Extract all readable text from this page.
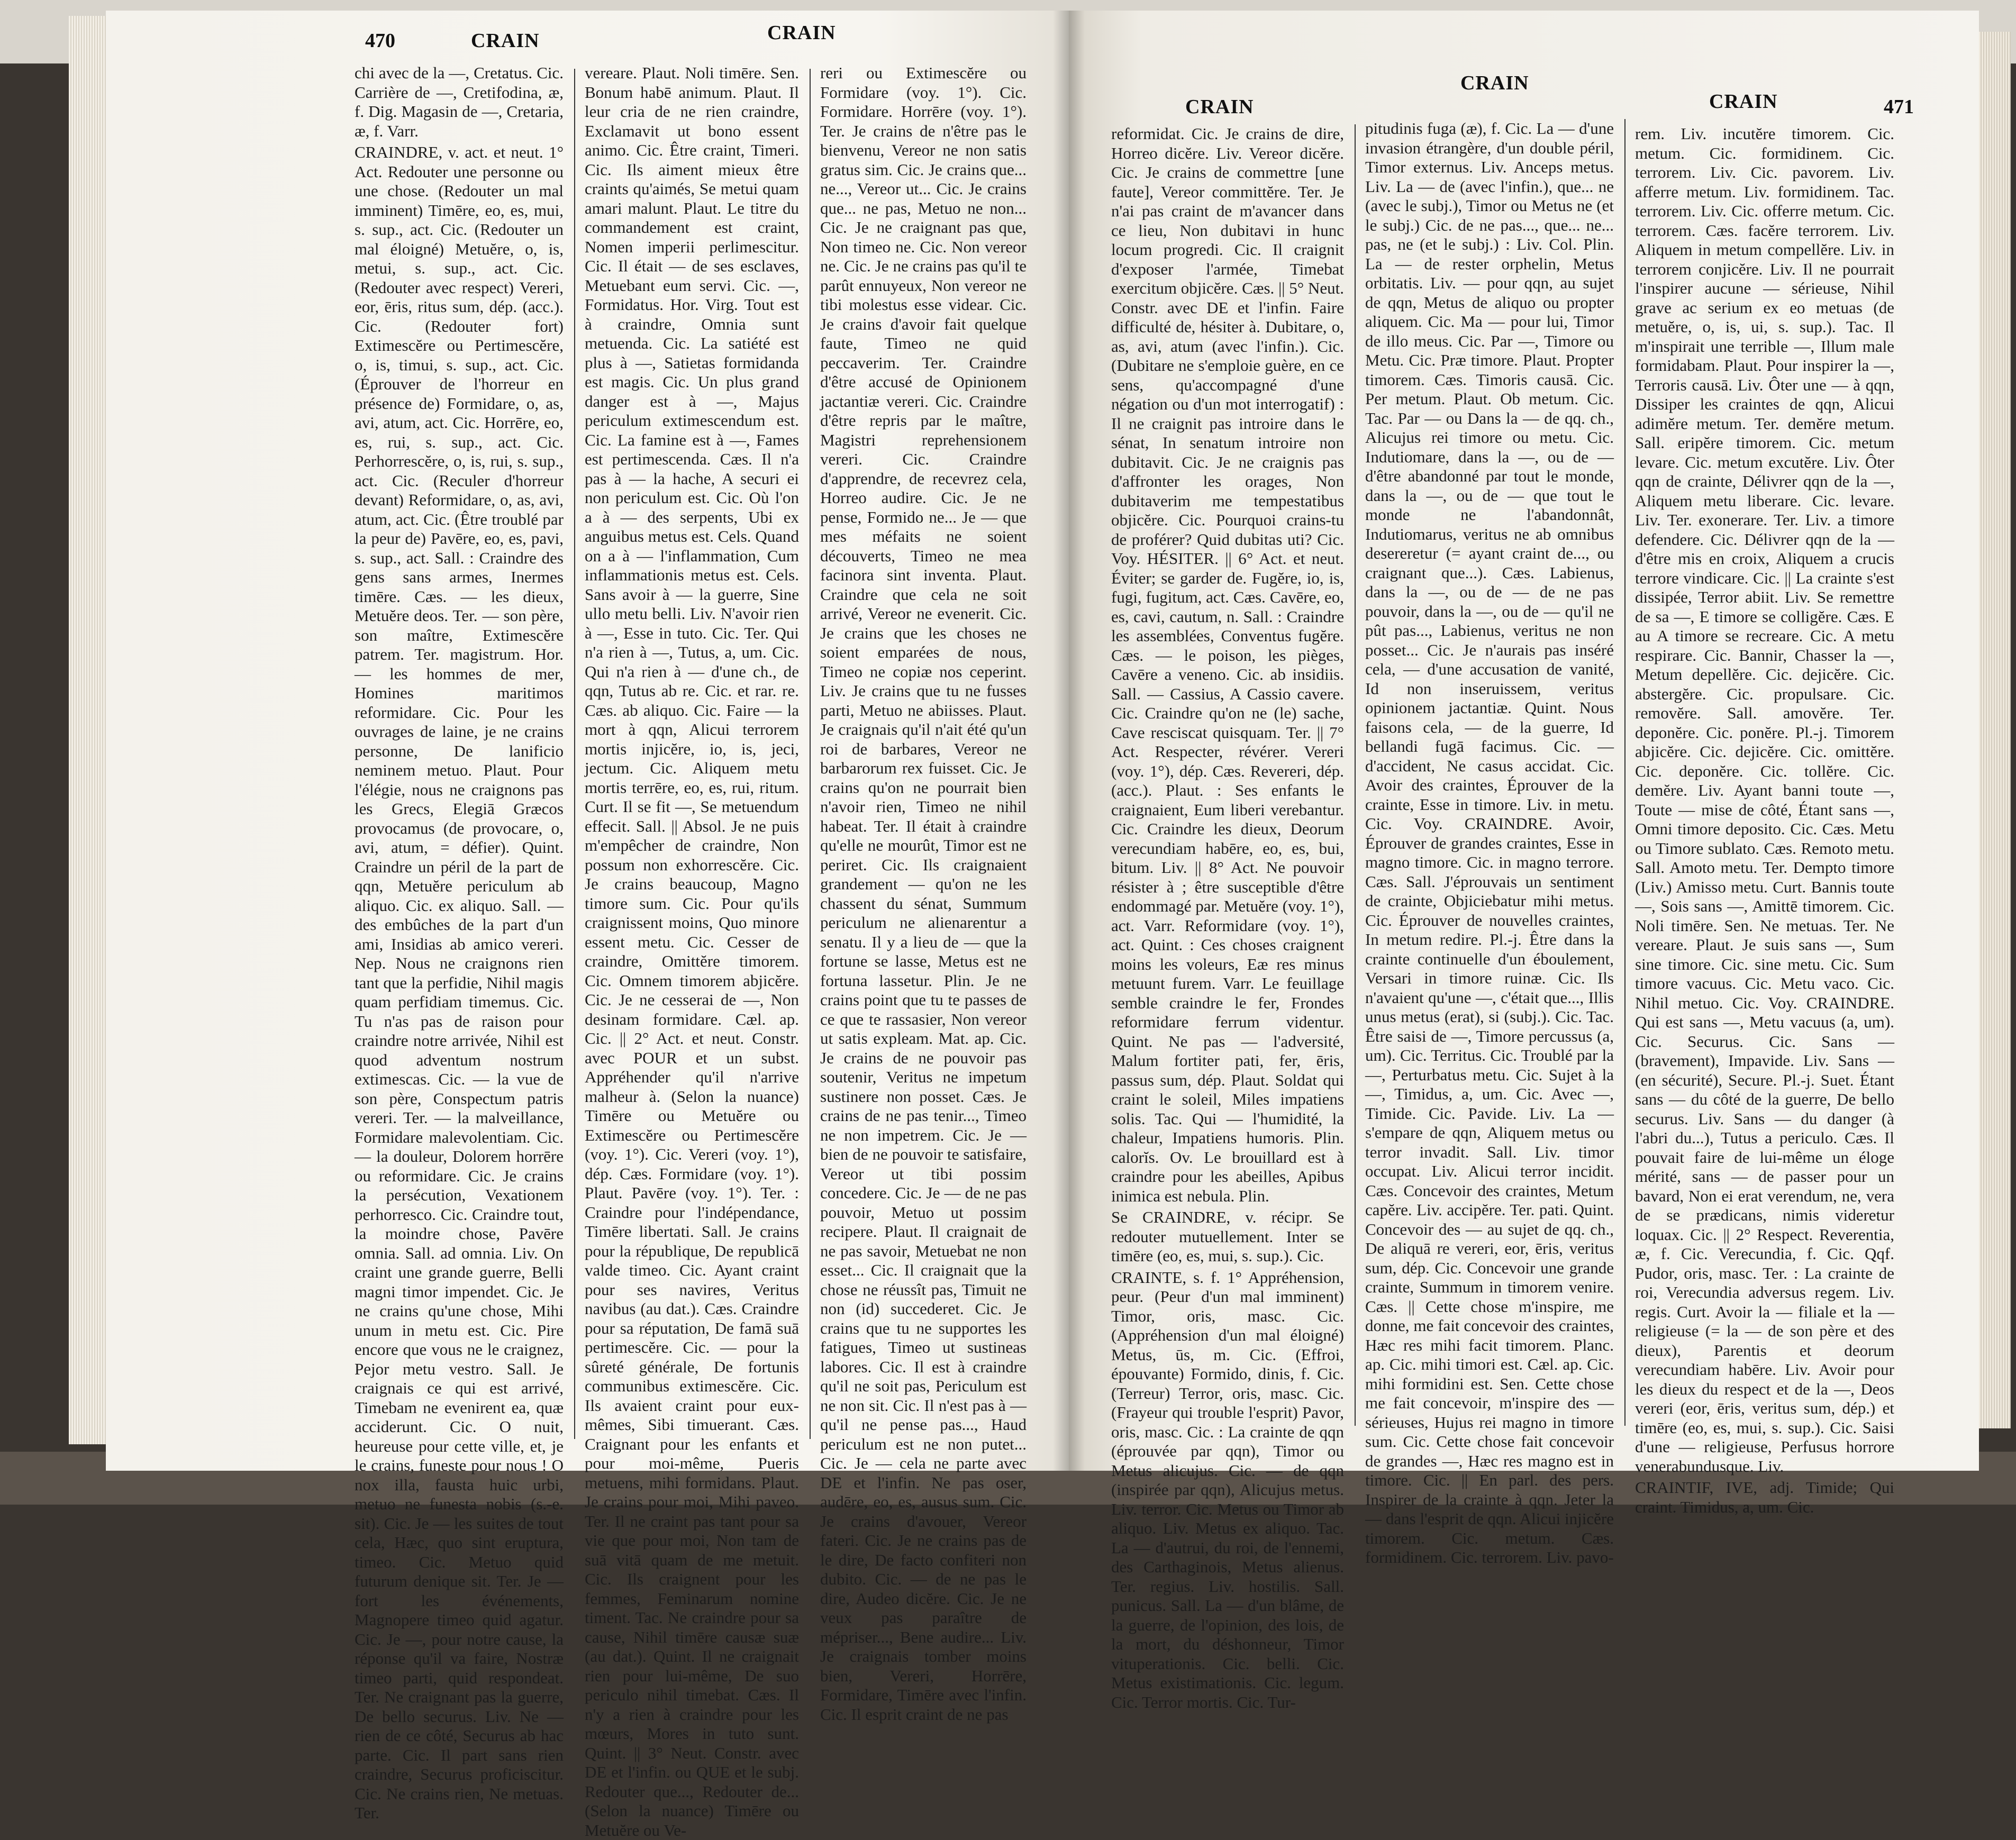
470	CRAIN	CRAIN

chi avec de la —, Cretatus. Cic. Carrière de —, Cretifodina, æ, f. Dig. Magasin de —, Cretaria, æ, f. Varr.

CRAINDRE, v. act. et neut. 1° Act. Redouter une personne ou une chose. (Redouter un mal imminent) Timēre, eo, es, mui, s. sup., act. Cic. (Redouter un mal éloigné) Metuĕre, o, is, metui, s. sup., act. Cic. (Redouter avec respect) Vereri, eor, ēris, ritus sum, dép. (acc.). Cic. (Redouter fort) Extimescĕre ou Pertimescĕre, o, is, timui, s. sup., act. Cic. (Éprouver de l'horreur en présence de) Formidare, o, as, avi, atum, act. Cic. Horrēre, eo, es, rui, s. sup., act. Cic. Perhorrescĕre, o, is, rui, s. sup., act. Cic. (Reculer d'horreur devant) Reformidare, o, as, avi, atum, act. Cic. (Être troublé par la peur de) Pavēre, eo, es, pavi, s. sup., act. Sall. : Craindre des gens sans armes, Inermes timēre. Cæs. — les dieux, Metuĕre deos. Ter. — son père, son maître, Extimescĕre patrem. Ter. magistrum. Hor. — les hommes de mer, Homines maritimos reformidare. Cic. Pour les ouvrages de laine, je ne crains personne, De lanificio neminem metuo. Plaut. Pour l'élégie, nous ne craignons pas les Grecs, Elegiā Græcos provocamus (de provocare, o, avi, atum, = défier). Quint. Craindre un péril de la part de qqn, Metuĕre periculum ab aliquo. Cic. ex aliquo. Sall. — des embûches de la part d'un ami, Insidias ab amico vereri. Nep. Nous ne craignons rien tant que la perfidie, Nihil magis quam perfidiam timemus. Cic. Tu n'as pas de raison pour craindre notre arrivée, Nihil est quod adventum nostrum extimescas. Cic. — la vue de son père, Conspectum patris vereri. Ter. — la malveillance, Formidare malevolentiam. Cic. — la douleur, Dolorem horrēre ou reformidare. Cic. Je crains la persécution, Vexationem perhorresco. Cic. Craindre tout, la moindre chose, Pavēre omnia. Sall. ad omnia. Liv. On craint une grande guerre, Belli magni timor impendet. Cic. Je ne crains qu'une chose, Mihi unum in metu est. Cic. Pire encore que vous ne le craignez, Pejor metu vestro. Sall. Je craignais ce qui est arrivé, Timebam ne evenirent ea, quæ acciderunt. Cic. O nuit, heureuse pour cette ville, et, je le crains, funeste pour nous ! O nox illa, fausta huic urbi, metuo ne funesta nobis (s.-e. sit). Cic. Je — les suites de tout cela, Hæc, quo sint eruptura, timeo. Cic. Metuo quid futurum denique sit. Ter. Je — fort les événements, Magnopere timeo quid agatur. Cic. Je —, pour notre cause, la réponse qu'il va faire, Nostræ timeo parti, quid respondeat. Ter. Ne craignant pas la guerre, De bello securus. Liv. Ne — rien de ce côté, Securus ab hac parte. Cic. Il part sans rien craindre, Securus proficiscitur. Cic. Ne crains rien, Ne metuas. Ter.

vereare. Plaut. Noli timēre. Sen. Bonum habē animum. Plaut. Il leur cria de ne rien craindre, Exclamavit ut bono essent animo. Cic. Être craint, Timeri. Cic. Ils aiment mieux être craints qu'aimés, Se metui quam amari malunt. Plaut. Le titre du commandement est craint, Nomen imperii perlimescitur. Cic. Il était — de ses esclaves, Metuebant eum servi. Cic. —, Formidatus. Hor. Virg. Tout est à craindre, Omnia sunt metuenda. Cic. La satiété est plus à —, Satietas formidanda est magis. Cic. Un plus grand danger est à —, Majus periculum extimescendum est. Cic. La famine est à —, Fames est pertimescenda. Cæs. Il n'a pas à — la hache, A securi ei non periculum est. Cic. Où l'on a à — des serpents, Ubi ex anguibus metus est. Cels. Quand on a à — l'inflammation, Cum inflammationis metus est. Cels. Sans avoir à — la guerre, Sine ullo metu belli. Liv. N'avoir rien à —, Esse in tuto. Cic. Ter. Qui n'a rien à —, Tutus, a, um. Cic. Qui n'a rien à — d'une ch., de qqn, Tutus ab re. Cic. et rar. re. Cæs. ab aliquo. Cic. Faire — la mort à qqn, Alicui terrorem mortis injicĕre, io, is, jeci, jectum. Cic. Aliquem metu mortis terrēre, eo, es, rui, ritum. Curt. Il se fit —, Se metuendum effecit. Sall. || Absol. Je ne puis m'empêcher de craindre, Non possum non exhorrescĕre. Cic. Je crains beaucoup, Magno timore sum. Cic. Pour qu'ils craignissent moins, Quo minore essent metu. Cic. Cesser de craindre, Omittĕre timorem. Cic. Omnem timorem abjicĕre. Cic. Je ne cesserai de —, Non desinam formidare. Cæl. ap. Cic. || 2° Act. et neut. Constr. avec POUR et un subst. Appréhender qu'il n'arrive malheur à. (Selon la nuance) Timēre ou Metuĕre ou Extimescĕre ou Pertimescĕre (voy. 1°). Cic. Vereri (voy. 1°), dép. Cæs. Formidare (voy. 1°). Plaut. Pavēre (voy. 1°). Ter. : Craindre pour l'indépendance, Timēre libertati. Sall. Je crains pour la république, De republicā valde timeo. Cic. Ayant craint pour ses navires, Veritus navibus (au dat.). Cæs. Craindre pour sa réputation, De famā suā pertimescĕre. Cic. — pour la sûreté générale, De fortunis communibus extimescĕre. Cic. Ils avaient craint pour eux-mêmes, Sibi timuerant. Cæs. Craignant pour les enfants et pour moi-même, Pueris metuens, mihi formidans. Plaut. Je crains pour moi, Mihi paveo. Ter. Il ne craint pas tant pour sa vie que pour moi, Non tam de suā vitā quam de me metuit. Cic. Ils craignent pour les femmes, Feminarum nomine timent. Tac. Ne craindre pour sa cause, Nihil timēre causæ suæ (au dat.). Quint. Il ne craignait rien pour lui-même, De suo periculo nihil timebat. Cæs. Il n'y a rien à craindre pour les mœurs, Mores in tuto sunt. Quint. || 3° Neut. Constr. avec DE et l'infin. ou QUE et le subj. Redouter que..., Redouter de... (Selon la nuance) Timēre ou Metuĕre ou Ve-

reri ou Extimescĕre ou Formidare (voy. 1°). Cic. Formidare. Horrēre (voy. 1°). Ter. Je crains de n'être pas le bienvenu, Vereor ne non satis gratus sim. Cic. Je crains que... ne..., Vereor ut... Cic. Je crains que... ne pas, Metuo ne non... Cic. Je ne craignant pas que, Non timeo ne. Cic. Non vereor ne. Cic. Je ne crains pas qu'il te parût ennuyeux, Non vereor ne tibi molestus esse videar. Cic. Je crains d'avoir fait quelque faute, Timeo ne quid peccaverim. Ter. Craindre d'être accusé de Opinionem jactantiæ vereri. Cic. Craindre d'être repris par le maître, Magistri reprehensionem vereri. Cic. Craindre d'apprendre, de recevrez cela, Horreo audire. Cic. Je ne pense, Formido ne... Je — que mes méfaits ne soient découverts, Timeo ne mea facinora sint inventa. Plaut. Craindre que cela ne soit arrivé, Vereor ne evenerit. Cic. Je crains que les choses ne soient emparées de nous, Timeo ne copiæ nos ceperint. Liv. Je crains que tu ne fusses parti, Metuo ne abiisses. Plaut. Je craignais qu'il n'ait été qu'un roi de barbares, Vereor ne barbarorum rex fuisset. Cic. Je crains qu'on ne pourrait bien n'avoir rien, Timeo ne nihil habeat. Ter. Il était à craindre qu'elle ne mourût, Timor est ne periret. Cic. Ils craignaient grandement — qu'on ne les chassent du sénat, Summum periculum ne alienarentur a senatu. Il y a lieu de — que la fortune se lasse, Metus est ne fortuna lassetur. Plin. Je ne crains point que tu te passes de ce que te rassasier, Non vereor ut satis expleam. Mat. ap. Cic. Je crains de ne pouvoir pas soutenir, Veritus ne impetum sustinere non posset. Cæs. Je crains de ne pas tenir..., Timeo ne non impetrem. Cic. Je — bien de ne pouvoir te satisfaire, Vereor ut tibi possim concedere. Cic. Je — de ne pas pouvoir, Metuo ut possim recipere. Plaut. Il craignait de ne pas savoir, Metuebat ne non esset... Cic. Il craignait que la chose ne réussît pas, Timuit ne non (id) succederet. Cic. Je crains que tu ne supportes les fatigues, Timeo ut sustineas labores. Cic. Il est à craindre qu'il ne soit pas, Periculum est ne non sit. Cic. Il n'est pas à — qu'il ne pense pas..., Haud periculum est ne non putet... Cic. Je — cela ne parte avec DE et l'infin. Ne pas oser, audēre, eo, es, ausus sum. Cic. Je crains d'avouer, Vereor fateri. Cic. Je ne crains pas de le dire, De facto confiteri non dubito. Cic. — de ne pas le dire, Audeo dicĕre. Cic. Je ne veux pas paraître de mépriser..., Bene audire... Liv. Je craignais tomber moins bien, Vereri, Horrēre, Formidare, Timēre avec l'infin. Cic. Il esprit craint de ne pas

CRAIN
CRAIN
CRAIN	471

reformidat. Cic. Je crains de dire, Horreo dicĕre. Liv. Vereor dicĕre. Cic. Je crains de commettre [une faute], Vereor committĕre. Ter. Je n'ai pas craint de m'avancer dans ce lieu, Non dubitavi in hunc locum progredi. Cic. Il craignit d'exposer l'armée, Timebat exercitum objicĕre. Cæs. || 5° Neut. Constr. avec DE et l'infin. Faire difficulté de, hésiter à. Dubitare, o, as, avi, atum (avec l'infin.). Cic. (Dubitare ne s'emploie guère, en ce sens, qu'accompagné d'une négation ou d'un mot interrogatif) : Il ne craignit pas introire dans le sénat, In senatum introire non dubitavit. Cic. Je ne craignis pas d'affronter les orages, Non dubitaverim me tempestatibus objicĕre. Cic. Pourquoi crains-tu de proférer? Quid dubitas uti? Cic. Voy. HÉSITER. || 6° Act. et neut. Éviter; se garder de. Fugĕre, io, is, fugi, fugitum, act. Cæs. Cavēre, eo, es, cavi, cautum, n. Sall. : Craindre les assemblées, Conventus fugĕre. Cæs. — le poison, les pièges, Cavēre a veneno. Cic. ab insidiis. Sall. — Cassius, A Cassio cavere. Cic. Craindre qu'on ne (le) sache, Cave resciscat quisquam. Ter. || 7° Act. Respecter, révérer. Vereri (voy. 1°), dép. Cæs. Revereri, dép. (acc.). Plaut. : Ses enfants le craignaient, Eum liberi verebantur. Cic. Craindre les dieux, Deorum verecundiam habēre, eo, es, bui, bitum. Liv. || 8° Act. Ne pouvoir résister à ; être susceptible d'être endommagé par. Metuĕre (voy. 1°), act. Varr. Reformidare (voy. 1°), act. Quint. : Ces choses craignent moins les voleurs, Eæ res minus metuunt furem. Varr. Le feuillage semble craindre le fer, Frondes reformidare ferrum videntur. Quint. Ne pas — l'adversité, Malum fortiter pati, fer, ēris, passus sum, dép. Plaut. Soldat qui craint le soleil, Miles impatiens solis. Tac. Qui — l'humidité, la chaleur, Impatiens humoris. Plin. calorĭs. Ov. Le brouillard est à craindre pour les abeilles, Apibus inimica est nebula. Plin.

Se CRAINDRE, v. récipr. Se redouter mutuellement. Inter se timēre (eo, es, mui, s. sup.). Cic.

CRAINTE, s. f. 1° Appréhension, peur. (Peur d'un mal imminent) Timor, oris, masc. Cic. (Appréhension d'un mal éloigné) Metus, ūs, m. Cic. (Effroi, épouvante) Formido, dinis, f. Cic. (Terreur) Terror, oris, masc. Cic. (Frayeur qui trouble l'esprit) Pavor, oris, masc. Cic. : La crainte de qqn (éprouvée par qqn), Timor ou Metus alicujus. Cic. — de qqn (inspirée par qqn), Alicujus metus. Liv. terror. Cic. Metus ou Timor ab aliquo. Liv. Metus ex aliquo. Tac. La — d'autrui, du roi, de l'ennemi, des Carthaginois, Metus alienus. Ter. regius. Liv. hostilis. Sall. punicus. Sall. La — d'un blâme, de la guerre, de l'opinion, des lois, de la mort, du déshonneur, Timor vituperationis. Cic. belli. Cic. Metus existimationis. Cic. legum. Cic. Terror mortis. Cic. Tur-

pitudinis fuga (æ), f. Cic. La — d'une invasion étrangère, d'un double péril, Timor externus. Liv. Anceps metus. Liv. La — de (avec l'infin.), que... ne (avec le subj.), Timor ou Metus ne (et le subj.) Cic. de ne pas..., que... ne... pas, ne (et le subj.) : Liv. Col. Plin. La — de rester orphelin, Metus orbitatis. Liv. — pour qqn, au sujet de qqn, Metus de aliquo ou propter aliquem. Cic. Ma — pour lui, Timor de illo meus. Cic. Par —, Timore ou Metu. Cic. Præ timore. Plaut. Propter timorem. Cæs. Timoris causā. Cic. Per metum. Plaut. Ob metum. Cic. Tac. Par — ou Dans la — de qq. ch., Alicujus rei timore ou metu. Cic. Indutiomare, dans la —, ou de — d'être abandonné par tout le monde, dans la —, ou de — que tout le monde ne l'abandonnât, Indutiomarus, veritus ne ab omnibus desereretur (= ayant craint de..., ou craignant que...). Cæs. Labienus, dans la —, ou de — de ne pas pouvoir, dans la —, ou de — qu'il ne pût pas..., Labienus, veritus ne non posset... Cic. Je n'aurais pas inséré cela, — d'une accusation de vanité, Id non inseruissem, veritus opinionem jactantiæ. Quint. Nous faisons cela, — de la guerre, Id bellandi fugā facimus. Cic. — d'accident, Ne casus accidat. Cic. Avoir des craintes, Éprouver de la crainte, Esse in timore. Liv. in metu. Cic. Voy. CRAINDRE. Avoir, Éprouver de grandes craintes, Esse in magno timore. Cic. in magno terrore. Cæs. Sall. J'éprouvais un sentiment de crainte, Objiciebatur mihi metus. Cic. Éprouver de nouvelles craintes, In metum redire. Pl.-j. Être dans la crainte continuelle d'un éboulement, Versari in timore ruinæ. Cic. Ils n'avaient qu'une —, c'était que..., Illis unus metus (erat), si (subj.). Cic. Tac. Être saisi de —, Timore percussus (a, um). Cic. Territus. Cic. Troublé par la —, Perturbatus metu. Cic. Sujet à la —, Timidus, a, um. Cic. Avec —, Timide. Cic. Pavide. Liv. La — s'empare de qqn, Aliquem metus ou terror invadit. Sall. Liv. timor occupat. Liv. Alicui terror incidit. Cæs. Concevoir des craintes, Metum capĕre. Liv. accipĕre. Ter. pati. Quint. Concevoir des — au sujet de qq. ch., De aliquā re vereri, eor, ēris, veritus sum, dép. Cic. Concevoir une grande crainte, Summum in timorem venire. Cæs. || Cette chose m'inspire, me donne, me fait concevoir des craintes, Hæc res mihi facit timorem. Planc. ap. Cic. mihi timori est. Cæl. ap. Cic. mihi formidini est. Sen. Cette chose me fait concevoir, m'inspire des — sérieuses, Hujus rei magno in timore sum. Cic. Cette chose fait concevoir de grandes —, Hæc res magno est in timore. Cic. || En parl. des pers. Inspirer de la crainte à qqn. Jeter la — dans l'esprit de qqn. Alicui injicĕre timorem. Cic. metum. Cæs. formidinem. Cic. terrorem. Liv. pavo-

rem. Liv. incutĕre timorem. Cic. metum. Cic. formidinem. Cic. terrorem. Liv. Cic. pavorem. Liv. afferre metum. Liv. formidinem. Tac. terrorem. Liv. Cic. offerre metum. Cic. terrorem. Cæs. facĕre terrorem. Liv. Aliquem in metum compellĕre. Liv. in terrorem conjicĕre. Liv. Il ne pourrait l'inspirer aucune — sérieuse, Nihil grave ac serium ex eo metuas (de metuĕre, o, is, ui, s. sup.). Tac. Il m'inspirait une terrible —, Illum male formidabam. Plaut. Pour inspirer la —, Terroris causā. Liv. Ôter une — à qqn, Dissiper les craintes de qqn, Alicui adimĕre metum. Ter. demĕre metum. Sall. eripĕre timorem. Cic. metum levare. Cic. metum excutĕre. Liv. Ôter qqn de crainte, Délivrer qqn de la —, Aliquem metu liberare. Cic. levare. Liv. Ter. exonerare. Ter. Liv. a timore defendere. Cic. Délivrer qqn de la — d'être mis en croix, Aliquem a crucis terrore vindicare. Cic. || La crainte s'est dissipée, Terror abiit. Liv. Se remettre de sa —, E timore se colligĕre. Cæs. E au A timore se recreare. Cic. A metu respirare. Cic. Bannir, Chasser la —, Metum depellĕre. Cic. dejicĕre. Cic. abstergĕre. Cic. propulsare. Cic. removĕre. Sall. amovĕre. Ter. deponĕre. Cic. ponĕre. Pl.-j. Timorem abjicĕre. Cic. dejicĕre. Cic. omittĕre. Cic. deponĕre. Cic. tollĕre. Cic. demĕre. Liv. Ayant banni toute —, Toute — mise de côté, Étant sans —, Omni timore deposito. Cic. Cæs. Metu ou Timore sublato. Cæs. Remoto metu. Sall. Amoto metu. Ter. Dempto timore (Liv.) Amisso metu. Curt. Bannis toute —, Sois sans —, Amittē timorem. Cic. Noli timēre. Sen. Ne metuas. Ter. Ne vereare. Plaut. Je suis sans —, Sum sine timore. Cic. sine metu. Cic. Sum timore vacuus. Cic. Metu vaco. Cic. Nihil metuo. Cic. Voy. CRAINDRE. Qui est sans —, Metu vacuus (a, um). Cic. Securus. Cic. Sans — (bravement), Impavide. Liv. Sans — (en sécurité), Secure. Pl.-j. Suet. Étant sans — du côté de la guerre, De bello securus. Liv. Sans — du danger (à l'abri du...), Tutus a periculo. Cæs. Il pouvait faire de lui-même un éloge mérité, sans — de passer pour un bavard, Non ei erat verendum, ne, vera de se prædicans, nimis videretur loquax. Cic. || 2° Respect. Reverentia, æ, f. Cic. Verecundia, f. Cic. Qqf. Pudor, oris, masc. Ter. : La crainte de roi, Verecundia adversus regem. Liv. regis. Curt. Avoir la — filiale et la — religieuse (= la — de son père et des dieux), Parentis et deorum verecundiam habēre. Liv. Avoir pour les dieux du respect et de la —, Deos vereri (eor, ēris, veritus sum, dép.) et timēre (eo, es, mui, s. sup.). Cic. Saisi d'une — religieuse, Perfusus horrore venerabundusque. Liv.

CRAINTIF, IVE, adj. Timide; Qui craint. Timidus, a, um. Cic.
